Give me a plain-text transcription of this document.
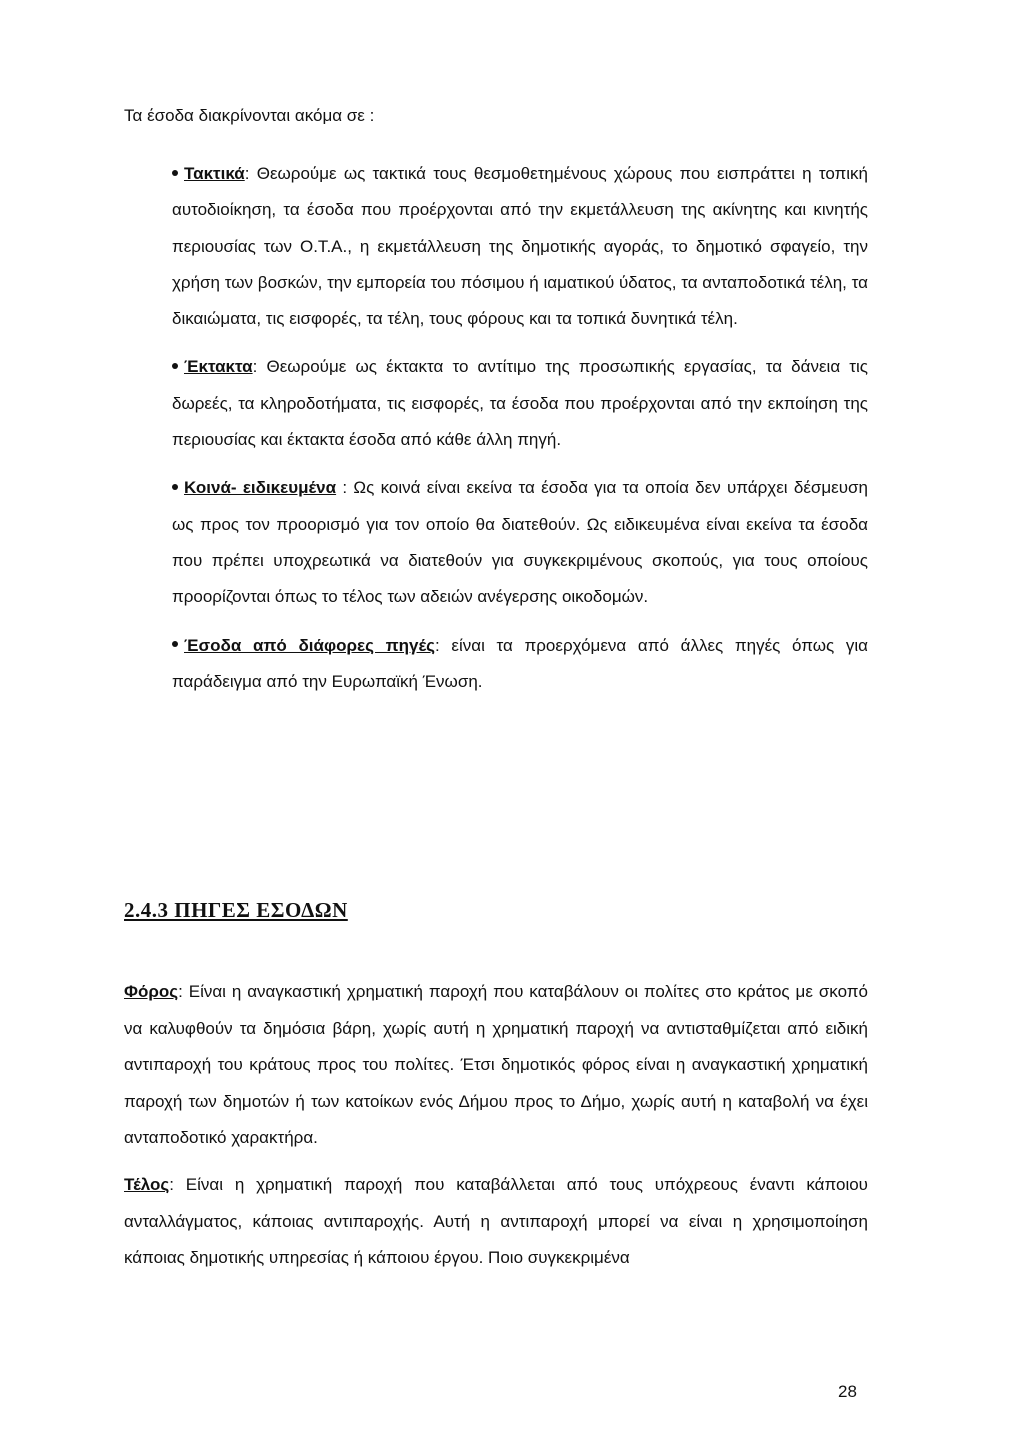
Τα έσοδα διακρίνονται ακόμα σε :

Τακτικά: Θεωρούμε ως τακτικά τους θεσμοθετημένους χώρους που εισπράττει η τοπική αυτοδιοίκηση, τα έσοδα που προέρχονται από την εκμετάλλευση της ακίνητης και κινητής περιουσίας των Ο.Τ.Α., η εκμετάλλευση της δημοτικής αγοράς, το δημοτικό σφαγείο, την χρήση των βοσκών, την εμπορεία του πόσιμου ή ιαματικού ύδατος, τα ανταποδοτικά τέλη, τα δικαιώματα, τις εισφορές, τα τέλη, τους φόρους και τα τοπικά δυνητικά τέλη.
Έκτακτα: Θεωρούμε ως έκτακτα το αντίτιμο της προσωπικής εργασίας, τα δάνεια τις δωρεές, τα κληροδοτήματα, τις εισφορές, τα έσοδα που προέρχονται από την εκποίηση της περιουσίας και έκτακτα έσοδα από κάθε άλλη πηγή.
Κοινά- ειδικευμένα : Ως κοινά είναι εκείνα τα έσοδα για τα οποία δεν υπάρχει δέσμευση ως προς τον προορισμό για τον οποίο θα διατεθούν. Ως ειδικευμένα είναι εκείνα τα έσοδα που πρέπει υποχρεωτικά να διατεθούν για συγκεκριμένους σκοπούς, για τους οποίους προορίζονται όπως το τέλος των αδειών ανέγερσης οικοδομών.
Έσοδα από διάφορες πηγές: είναι τα προερχόμενα από άλλες πηγές όπως για παράδειγμα από την Ευρωπαϊκή Ένωση.
2.4.3 ΠΗΓΕΣ ΕΣΟΔΩΝ

Φόρος: Είναι η αναγκαστική χρηματική παροχή που καταβάλουν οι πολίτες στο κράτος με σκοπό να καλυφθούν τα δημόσια βάρη, χωρίς αυτή η χρηματική παροχή να αντισταθμίζεται από ειδική αντιπαροχή του κράτους προς του πολίτες. Έτσι δημοτικός φόρος είναι η αναγκαστική χρηματική παροχή των δημοτών ή των κατοίκων ενός Δήμου προς το Δήμο, χωρίς αυτή η καταβολή να έχει ανταποδοτικό χαρακτήρα.

Τέλος: Είναι η χρηματική παροχή που καταβάλλεται από τους υπόχρεους έναντι κάποιου ανταλλάγματος, κάποιας αντιπαροχής. Αυτή η αντιπαροχή μπορεί να είναι η χρησιμοποίηση κάποιας δημοτικής υπηρεσίας ή κάποιου έργου. Ποιο συγκεκριμένα

28
